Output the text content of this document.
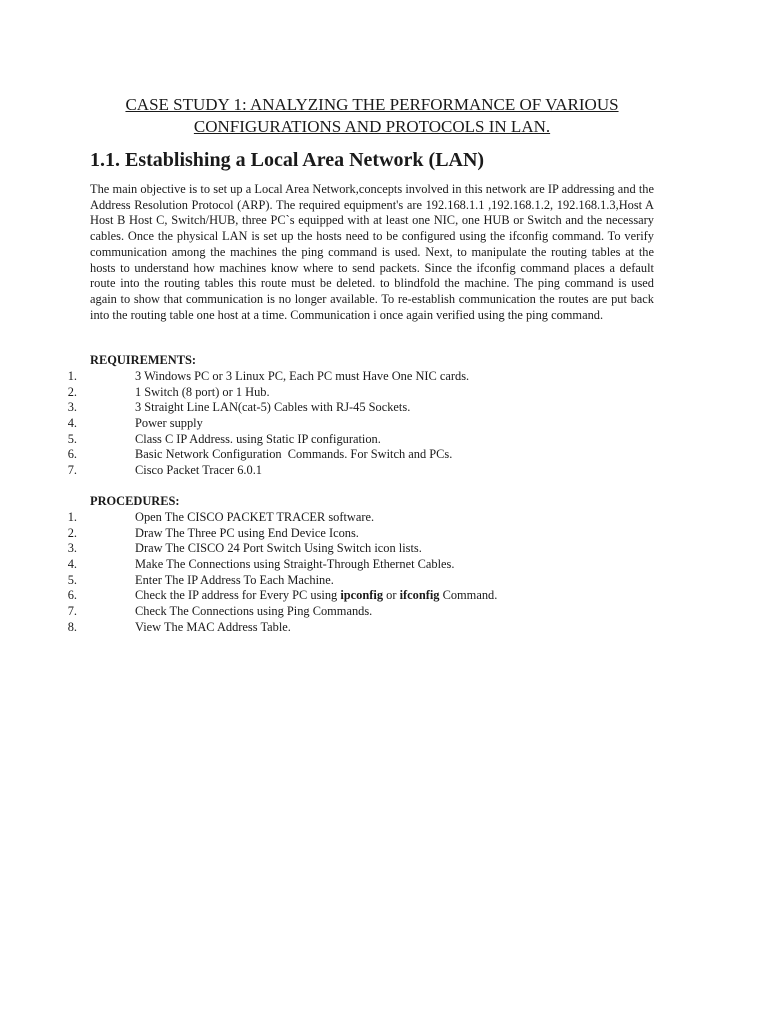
CASE STUDY 1: ANALYZING THE PERFORMANCE OF VARIOUS CONFIGURATIONS AND PROTOCOLS IN LAN.
1.1. Establishing a Local Area Network (LAN)

The main objective is to set up a Local Area Network,concepts involved in this network are IP addressing and the Address Resolution Protocol (ARP). The required equipment's are 192.168.1.1 ,192.168.1.2, 192.168.1.3,Host A Host B Host C, Switch/HUB, three PC`s equipped with at least one NIC, one HUB or Switch and the necessary cables. Once the physical LAN is set up the hosts need to be configured using the ifconfig command. To verify communication among the machines the ping command is used. Next, to manipulate the routing tables at the hosts to understand how machines know where to send packets. Since the ifconfig command places a default route into the routing tables this route must be deleted. to blindfold the machine. The ping command is used again to show that communication is no longer available. To re-establish communication the routes are put back into the routing table one host at a time. Communication i once again verified using the ping command.

REQUIREMENTS:
1.	3 Windows PC or 3 Linux PC, Each PC must Have One NIC cards.
2.	1 Switch (8 port) or 1 Hub.
3.	3 Straight Line LAN(cat-5) Cables with RJ-45 Sockets.
4.	Power supply
5.	Class C IP Address. using Static IP configuration.
6.	Basic Network Configuration  Commands. For Switch and PCs.
7.	Cisco Packet Tracer 6.0.1
PROCEDURES:
1.	Open The CISCO PACKET TRACER software.
2.	Draw The Three PC using End Device Icons.
3.	Draw The CISCO 24 Port Switch Using Switch icon lists.
4.	Make The Connections using Straight-Through Ethernet Cables.
5.	Enter The IP Address To Each Machine.
6.	Check the IP address for Every PC using ipconfig or ifconfig Command.
7.	Check The Connections using Ping Commands.
8.	View The MAC Address Table.
